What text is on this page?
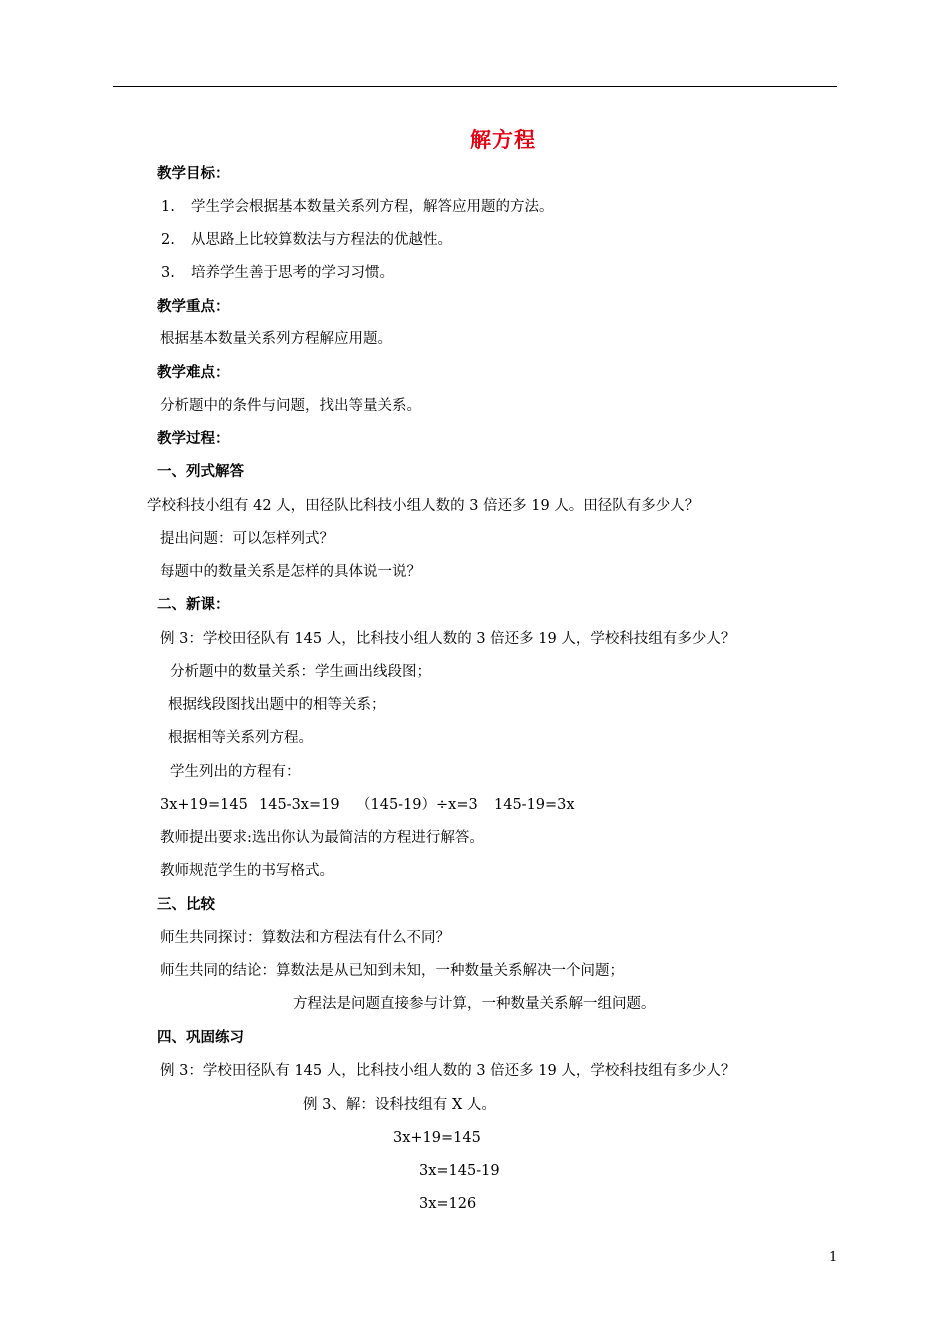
解方程
教学目标：
1. 学生学会根据基本数量关系列方程，解答应用题的方法。
2. 从思路上比较算数法与方程法的优越性。
3. 培养学生善于思考的学习习惯。
教学重点：
根据基本数量关系列方程解应用题。
教学难点：
分析题中的条件与问题，找出等量关系。
教学过程：
一、列式解答
学校科技小组有 42 人，田径队比科技小组人数的 3 倍还多 19 人。田径队有多少人？
提出问题：可以怎样列式？
每题中的数量关系是怎样的具体说一说？
二、新课：
例 3：学校田径队有 145 人，比科技小组人数的 3 倍还多 19 人，学校科技组有多少人？
分析题中的数量关系：学生画出线段图；
根据线段图找出题中的相等关系；
根据相等关系列方程。
学生列出的方程有：
3x+19=145 145-3x=19 （145-19）÷x=3 145-19=3x
教师提出要求:选出你认为最简洁的方程进行解答。
教师规范学生的书写格式。
三、比较
师生共同探讨：算数法和方程法有什么不同？
师生共同的结论：算数法是从已知到未知，一种数量关系解决一个问题；
方程法是问题直接参与计算，一种数量关系解一组问题。
四、巩固练习
例 3：学校田径队有 145 人，比科技小组人数的 3 倍还多 19 人，学校科技组有多少人？
例 3、解：设科技组有 X 人。
3x+19=145
3x=145-19
3x=126
1
